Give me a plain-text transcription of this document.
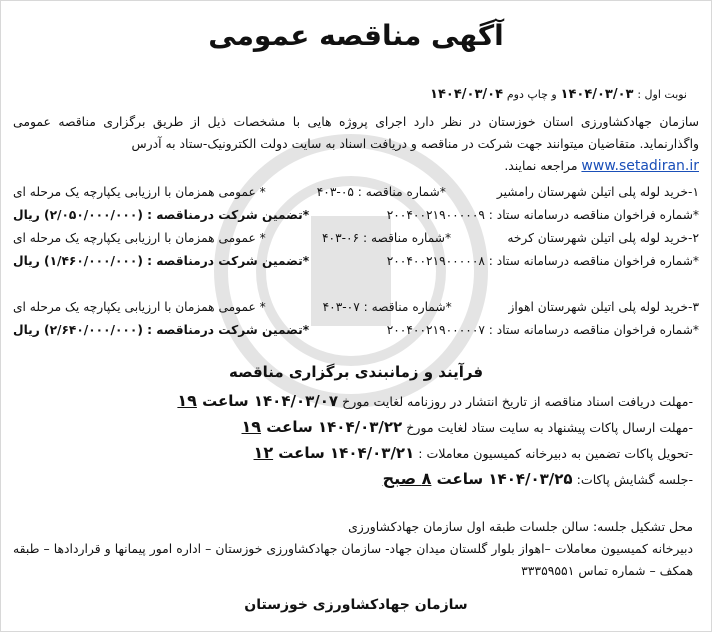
آگهی مناقصه عمومی
نوبت اول : ۱۴۰۴/۰۳/۰۳ و چاپ دوم ۱۴۰۴/۰۳/۰۴
سازمان جهادکشاورزی استان خوزستان در نظر دارد اجرای پروژه هایی با مشخصات ذیل از طریق برگزاری مناقصه عمومی واگذارنماید. متقاضیان میتوانند جهت شرکت در مناقصه و دریافت اسناد به سایت دولت الکترونیک-ستاد به آدرس
www.setadiran.ir مراجعه نمایند.
۱-خرید لوله پلی اتیلن شهرستان رامشیر
*شماره مناقصه : ۰۵-۴۰۳
* عمومی همزمان با ارزیابی یکپارچه یک مرحله ای
*شماره فراخوان مناقصه درسامانه ستاد : ۲۰۰۴۰۰۲۱۹۰۰۰۰۰۹
*تضمین شرکت درمناقصه : (۲/۰۵۰/۰۰۰/۰۰۰) ریال
۲-خرید لوله پلی اتیلن شهرستان کرخه
*شماره مناقصه : ۰۶-۴۰۳
* عمومی همزمان با ارزیابی یکپارچه یک مرحله ای
*شماره فراخوان مناقصه درسامانه ستاد : ۲۰۰۴۰۰۲۱۹۰۰۰۰۰۸
*تضمین شرکت درمناقصه : (۱/۴۶۰/۰۰۰/۰۰۰) ریال
۳-خرید لوله پلی اتیلن شهرستان اهواز
*شماره مناقصه : ۰۷-۴۰۳
* عمومی همزمان با ارزیابی یکپارچه یک مرحله ای
*شماره فراخوان مناقصه درسامانه ستاد : ۲۰۰۴۰۰۲۱۹۰۰۰۰۰۷
*تضمین شرکت درمناقصه : (۲/۶۴۰/۰۰۰/۰۰۰) ریال
فرآیند و زمانبندی برگزاری مناقصه
-مهلت دریافت اسناد مناقصه از تاریخ انتشار در روزنامه لغایت مورخ ۱۴۰۴/۰۳/۰۷ ساعت ۱۹
-مهلت ارسال پاکات پیشنهاد به سایت ستاد لغایت مورخ ۱۴۰۴/۰۳/۲۲ ساعت ۱۹
-تحویل پاکات تضمین به دبیرخانه کمیسیون معاملات : ۱۴۰۴/۰۳/۲۱ ساعت ۱۲
-جلسه گشایش پاکات: ۱۴۰۴/۰۳/۲۵ ساعت ۸ صبح
محل تشکیل جلسه: سالن جلسات طبقه اول سازمان جهادکشاورزی
دبیرخانه کمیسیون معاملات –اهواز بلوار گلستان میدان جهاد- سازمان جهادکشاورزی خوزستان – اداره امور پیمانها و قراردادها – طبقه همکف – شماره تماس ۳۳۳۵۹۵۵۱
سازمان جهادکشاورزی خوزستان
